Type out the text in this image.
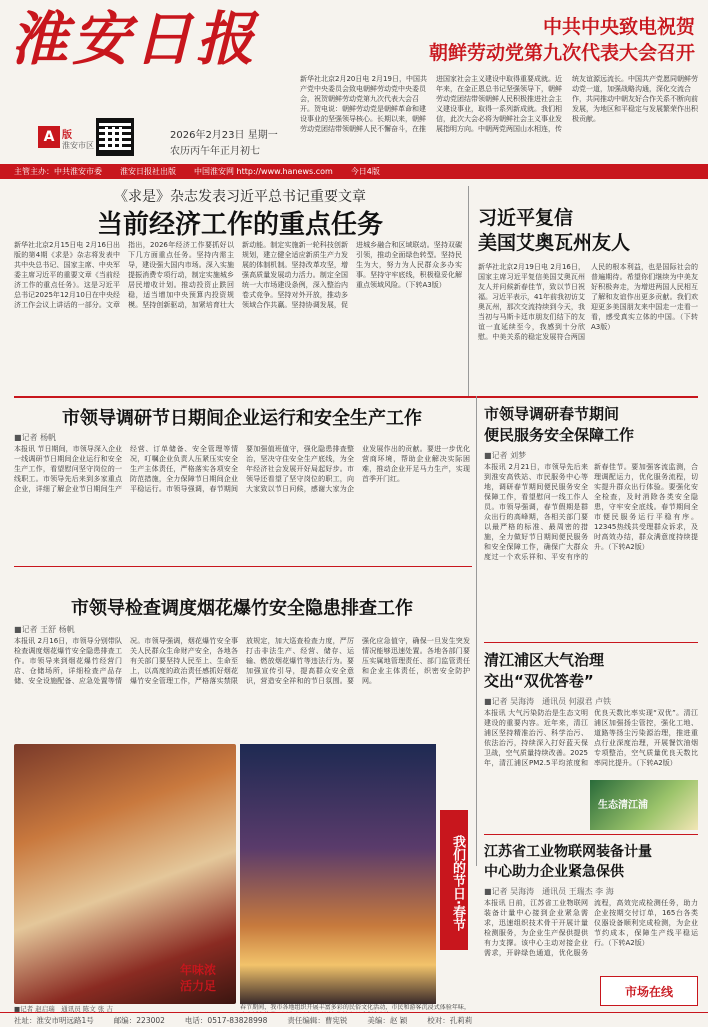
淮安日报
A 版
淮安市区
2026年2月23日 星期一
农历丙午年正月初七
中共中央致电祝贺
朝鲜劳动党第九次代表大会召开
新华社北京2月20日电 2月19日，中国共产党中央委员会致电朝鲜劳动党中央委员会，祝贺朝鲜劳动党第九次代表大会召开。贺电说：朝鲜劳动党是朝鲜革命和建设事业的坚强领导核心。长期以来，朝鲜劳动党团结带领朝鲜人民不懈奋斗，在推进国家社会主义建设中取得重要成就。近年来，在金正恩总书记坚强领导下，朝鲜劳动党团结带领朝鲜人民积极推进社会主义建设事业，取得一系列新成就。我们相信，此次大会必将为朝鲜社会主义事业发展指明方向。中朝两党两国山水相连，传统友谊源远流长。中国共产党愿同朝鲜劳动党一道，加强战略沟通，深化交流合作，共同推动中朝友好合作关系不断向前发展，为地区和平稳定与发展繁荣作出积极贡献。
主管主办：中共淮安市委 淮安日报社出版 中国淮安网 http://www.hanews.com 今日4版
《求是》杂志发表习近平总书记重要文章
当前经济工作的重点任务
新华社北京2月15日电 2月16日出版的第4期《求是》杂志将发表中共中央总书记、国家主席、中央军委主席习近平的重要文章《当前经济工作的重点任务》。这是习近平总书记2025年12月10日在中央经济工作会议上讲话的一部分。文章指出，2026年经济工作要抓好以下几方面重点任务。坚持内需主导，建设强大国内市场。深入实施提振消费专项行动，制定实施城乡居民增收计划。推动投资止跌回稳，适当增加中央预算内投资规模。坚持创新驱动，加紧培育壮大新动能。制定实施新一轮科技创新规划，建立健全适应新质生产力发展的体制机制。坚持改革攻坚，增强高质量发展动力活力。制定全国统一大市场建设条例，深入整治内卷式竞争。坚持对外开放，推动多领域合作共赢。坚持协调发展，促进城乡融合和区域联动。坚持双碳引领，推动全面绿色转型。坚持民生为大，努力为人民群众多办实事。坚持守牢底线，积极稳妥化解重点领域风险。（下转A3版）
习近平复信
美国艾奥瓦州友人
新华社北京2月19日电 2月16日，国家主席习近平复信美国艾奥瓦州友人并问候新春佳节，致以节日祝福。习近平表示，41年前我初访艾奥瓦州，那次交流持续到今天，我当初与马斯卡廷市朋友们结下的友谊一直延续至今，我感到十分欣慰。中美关系的稳定发展符合两国人民的根本利益，也是国际社会的普遍期待。希望你们继续为中美友好积极奔走，为增进两国人民相互了解和友谊作出更多贡献。我们欢迎更多美国朋友来中国走一走看一看，感受真实立体的中国。（下转A3版）
市领导调研节日期间企业运行和安全生产工作
■记者 杨帆
本报讯 节日期间，市领导深入企业一线调研节日期间企业运行和安全生产工作，看望慰问坚守岗位的一线职工。市领导先后来到多家重点企业，详细了解企业节日期间生产经营、订单储备、安全管理等情况，叮嘱企业负责人压紧压实安全生产主体责任，严格落实各项安全防范措施，全力保障节日期间企业平稳运行。市领导强调，春节期间要加强值班值守，强化隐患排查整治，坚决守住安全生产底线，为全年经济社会发展开好局起好步。市领导还看望了坚守岗位的职工，向大家致以节日问候，感谢大家为企业发展作出的贡献。要进一步优化营商环境，帮助企业解决实际困难，推动企业开足马力生产，实现首季开门红。
市领导调研春节期间
便民服务安全保障工作
■记者 刘梦
本报讯 2月21日，市领导先后来到淮安高铁站、市民服务中心等地，调研春节期间便民服务安全保障工作，看望慰问一线工作人员。市领导强调，春节假期是群众出行的高峰期，各相关部门要以最严格的标准、最周密的措施，全力做好节日期间便民服务和安全保障工作，确保广大群众度过一个欢乐祥和、平安有序的新春佳节。要加强客流监测，合理调配运力，优化服务流程，切实提升群众出行体验。要强化安全检查，及时消除各类安全隐患，守牢安全底线。春节期间全市便民服务运行平稳有序。12345热线共受理群众诉求，及时高效办结，群众满意度持续提升。（下转A2版）
市领导检查调度烟花爆竹安全隐患排查工作
■记者 王舒 杨帆
本报讯 2月16日，市领导分别带队检查调度烟花爆竹安全隐患排查工作。市领导来到烟花爆竹经营门店、仓储场所，详细检查产品存储、安全设施配备、应急处置等情况。市领导强调，烟花爆竹安全事关人民群众生命财产安全，各地各有关部门要坚持人民至上、生命至上，以高度的政治责任感抓好烟花爆竹安全管理工作，严格落实禁限放规定，加大巡查检查力度，严厉打击非法生产、经营、储存、运输、燃放烟花爆竹等违法行为。要加强宣传引导，提高群众安全意识，营造安全祥和的节日氛围。要强化应急值守，确保一旦发生突发情况能够迅速处置。各地各部门要压实属地管理责任、部门监管责任和企业主体责任，织密安全防护网。
清江浦区大气治理
交出“双优答卷”
■记者 吴海涛　通讯员 何淑君 卢铁
本报讯 大气污染防治是生态文明建设的重要内容。近年来，清江浦区坚持精准治污、科学治污、依法治污，持续深入打好蓝天保卫战，空气质量持续改善。2025年，清江浦区PM2.5平均浓度和优良天数比率实现“双优”。清江浦区加强扬尘管控，强化工地、道路等扬尘污染源治理，推进重点行业深度治理，开展餐饮油烟专项整治，空气质量优良天数比率同比提升。（下转A2版）
生态清江浦
年味浓
活力足
我们的节日·春节
春节期间，我市各地组织开展丰富多彩的民俗文化活动，市民和游客沉浸式体验年味，
■记者 赵启瑞　通讯员 陈文 张 吉
江苏省工业物联网装备计量
中心助力企业紧急保供
■记者 吴海涛　通讯员 王瑞杰 李 海
本报讯 日前，江苏省工业物联网装备计量中心接到企业紧急需求，迅速组织技术骨干开展计量检测服务，为企业生产保供提供有力支撑。该中心主动对接企业需求，开辟绿色通道，优化服务流程，高效完成检测任务，助力企业按期交付订单，165台各类仪器设备顺利完成检测，为企业节约成本，保障生产线平稳运行。（下转A2版）
市场在线
社址：淮安市明远路1号	邮编：223002	电话：0517-83828998	责任编辑：曹宪锐	美编：赵 颖	校对：孔莉莉
